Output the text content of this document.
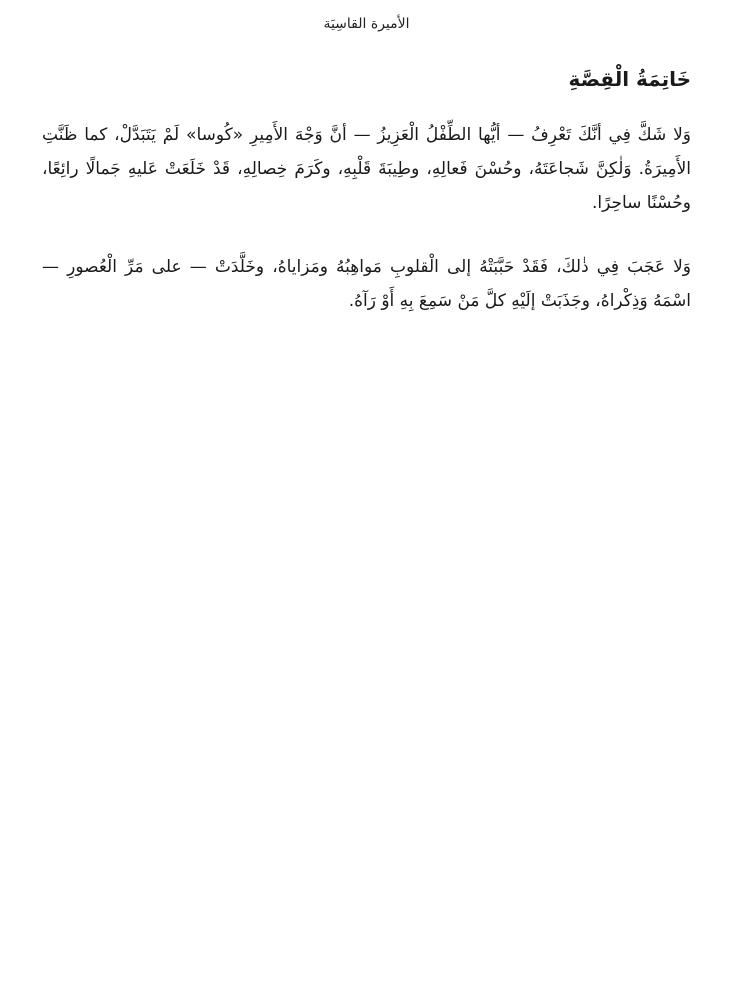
الأميرة القاسِيَة
خَاتِمَةُ الْقِصَّةِ

وَلا شَكَّ فِي أنَّكَ تَعْرِفُ — أيُّها الطِّفْلُ الْعَزِيزُ — أنَّ وَجْهَ الأَمِيرِ «كُوسا» لَمْ يَتَبَدَّلْ، كما ظَنَّتِ الأَمِيرَةُ. وَلٰكِنَّ شَجاعَتَهُ، وحُسْنَ فَعالِهِ، وطِيبَةَ قَلْبِهِ، وكَرَمَ خِصالِهِ، قَدْ خَلَعَتْ عَليهِ جَمالًا رائِعًا، وحُسْنًا ساحِرًا.

وَلا عَجَبَ فِي ذٰلكَ، فَقَدْ حَبَّبَتْهُ إلى الْقلوبِ مَواهِبُهُ ومَزاياهُ، وخَلَّدَتْ — على مَرِّ الْعُصورِ — اسْمَهُ وَذِكْراهُ، وجَذَبَتْ إلَيْهِ كلَّ مَنْ سَمِعَ بِهِ أَوْ رَآهُ.
